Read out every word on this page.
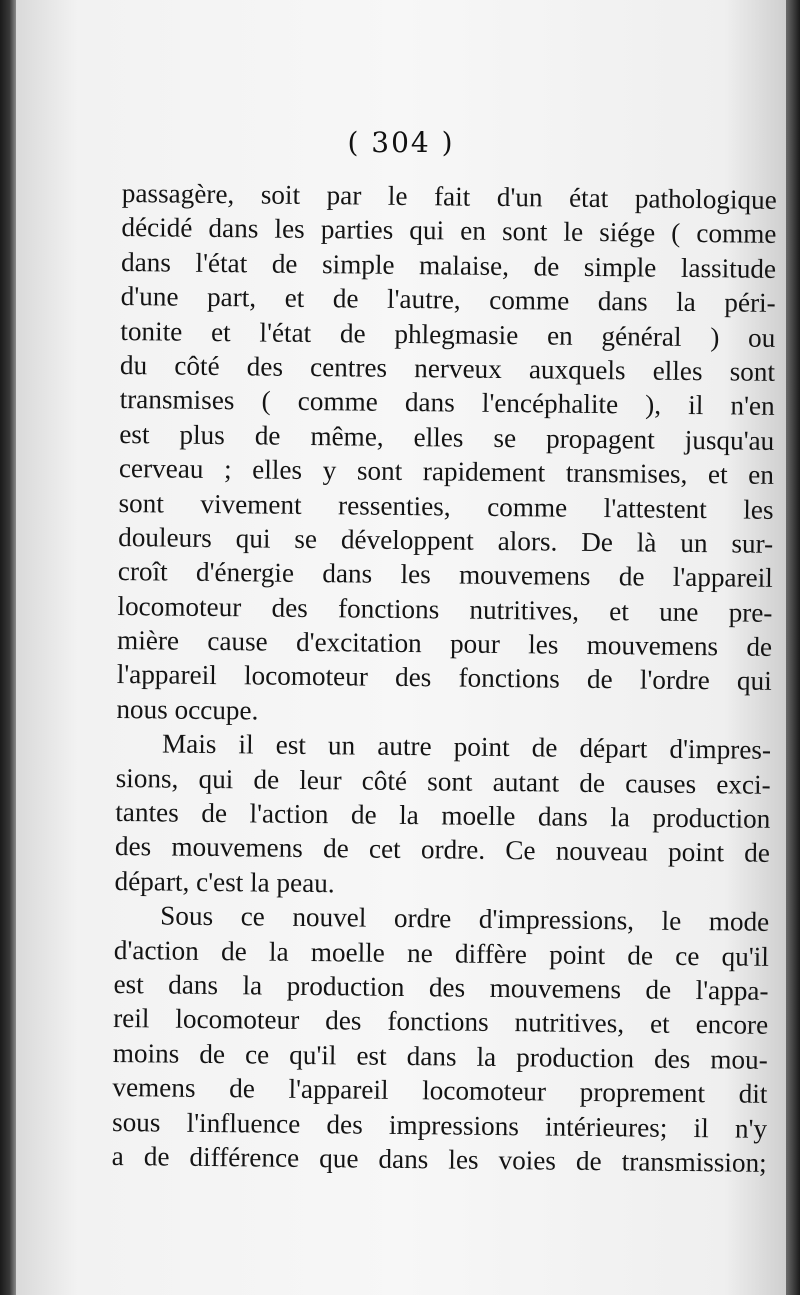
( 304 )
passagère, soit par le fait d'un état pathologique
décidé dans les parties qui en sont le siége ( comme
dans l'état de simple malaise, de simple lassitude
d'une part, et de l'autre, comme dans la péri-
tonite et l'état de phlegmasie en général ) ou
du côté des centres nerveux auxquels elles sont
transmises ( comme dans l'encéphalite ), il n'en
est plus de même, elles se propagent jusqu'au
cerveau ; elles y sont rapidement transmises, et en
sont vivement ressenties, comme l'attestent les
douleurs qui se développent alors. De là un sur-
croît d'énergie dans les mouvemens de l'appareil
locomoteur des fonctions nutritives, et une pre-
mière cause d'excitation pour les mouvemens de
l'appareil locomoteur des fonctions de l'ordre qui
nous occupe.
Mais il est un autre point de départ d'impres-
sions, qui de leur côté sont autant de causes exci-
tantes de l'action de la moelle dans la production
des mouvemens de cet ordre. Ce nouveau point de
départ, c'est la peau.
Sous ce nouvel ordre d'impressions, le mode
d'action de la moelle ne diffère point de ce qu'il
est dans la production des mouvemens de l'appa-
reil locomoteur des fonctions nutritives, et encore
moins de ce qu'il est dans la production des mou-
vemens de l'appareil locomoteur proprement dit
sous l'influence des impressions intérieures; il n'y
a de différence que dans les voies de transmission;
